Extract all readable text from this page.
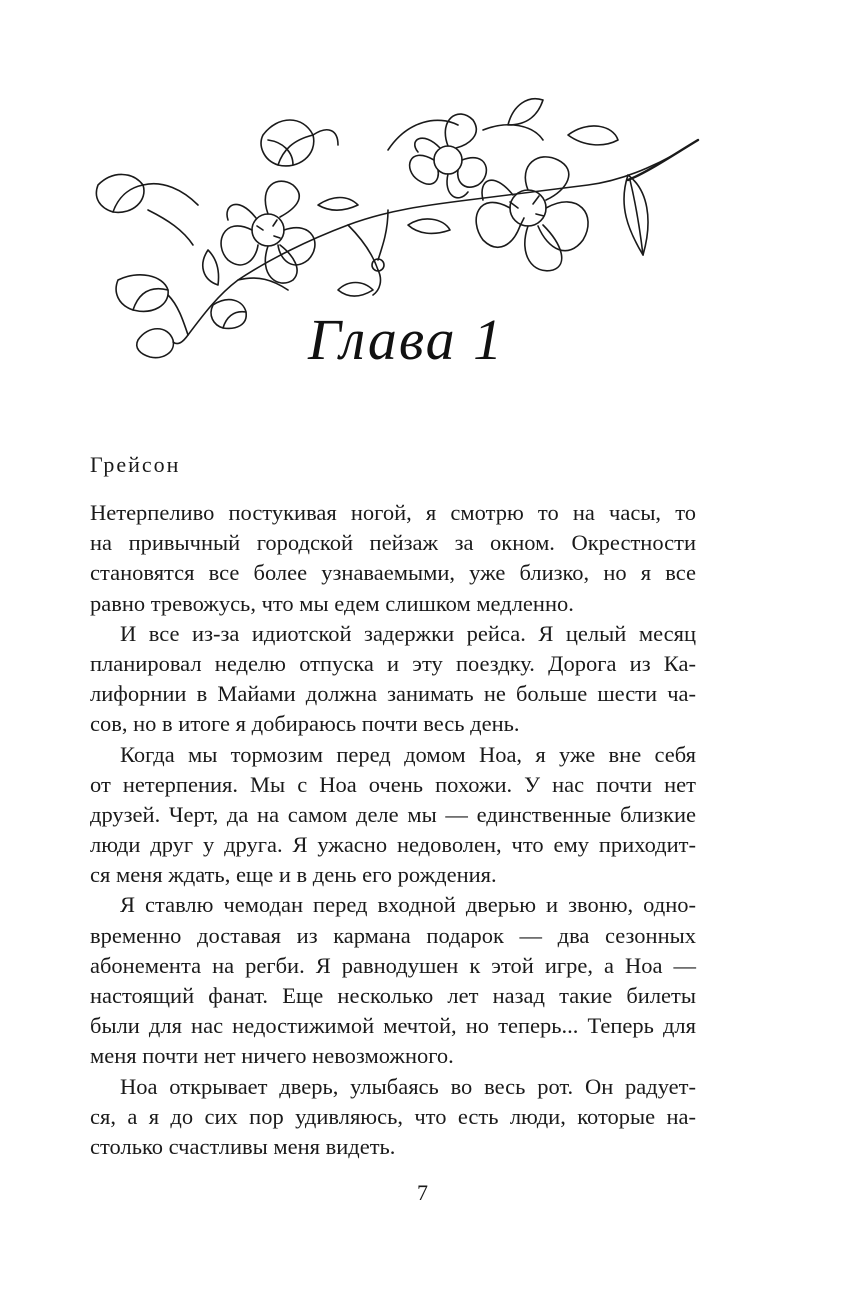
Глава 1
Грейсон
Нетерпеливо постукивая ногой, я смотрю то на часы, то
на привычный городской пейзаж за окном. Окрестности
становятся все более узнаваемыми, уже близко, но я все
равно тревожусь, что мы едем слишком медленно.
И все из-за идиотской задержки рейса. Я целый месяц
планировал неделю отпуска и эту поездку. Дорога из Ка-
лифорнии в Майами должна занимать не больше шести ча-
сов, но в итоге я добираюсь почти весь день.
Когда мы тормозим перед домом Ноа, я уже вне себя
от нетерпения. Мы с Ноа очень похожи. У нас почти нет
друзей. Черт, да на самом деле мы — единственные близкие
люди друг у друга. Я ужасно недоволен, что ему приходит-
ся меня ждать, еще и в день его рождения.
Я ставлю чемодан перед входной дверью и звоню, одно-
временно доставая из кармана подарок — два сезонных
абонемента на регби. Я равнодушен к этой игре, а Ноа —
настоящий фанат. Еще несколько лет назад такие билеты
были для нас недостижимой мечтой, но теперь... Теперь для
меня почти нет ничего невозможного.
Ноа открывает дверь, улыбаясь во весь рот. Он радует-
ся, а я до сих пор удивляюсь, что есть люди, которые на-
столько счастливы меня видеть.
7
